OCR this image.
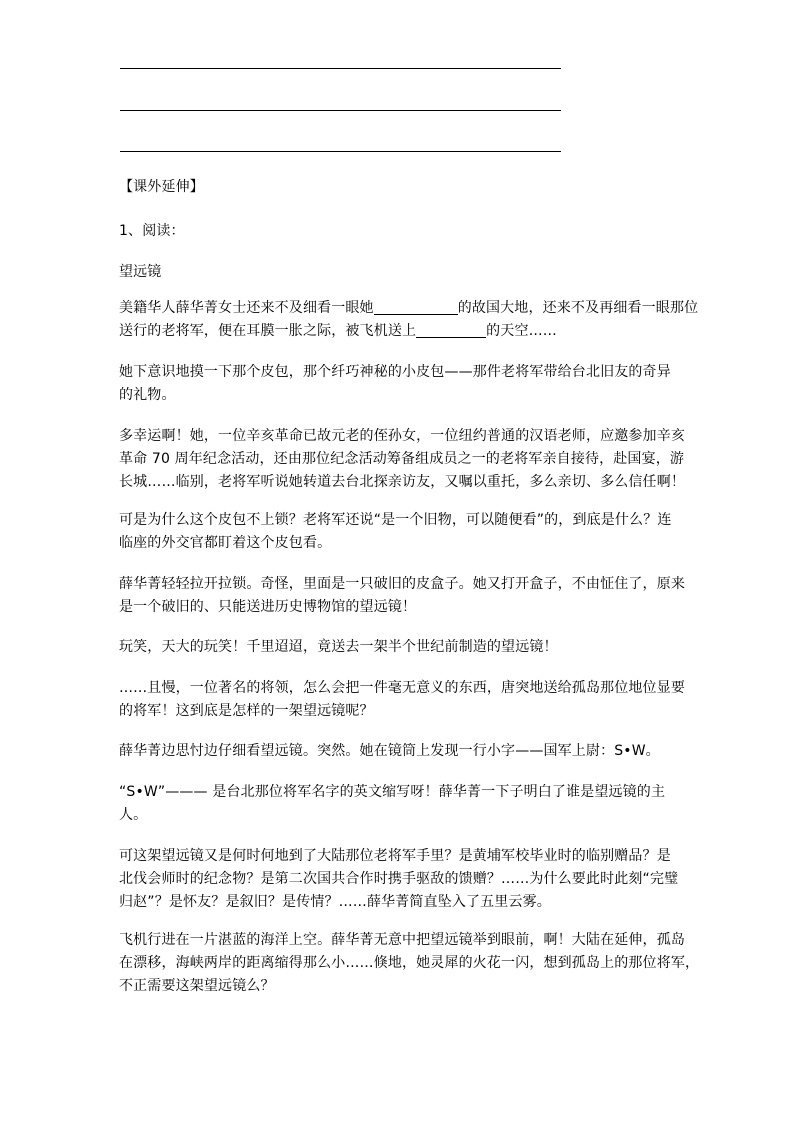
【课外延伸】
1、阅读：
望远镜
美籍华人薛华菁女士还来不及细看一眼她	的故国大地，还来不及再细看一眼那位
送行的老将军，便在耳膜一胀之际，被飞机送上	的天空……
她下意识地摸一下那个皮包，那个纤巧神秘的小皮包——那件老将军带给台北旧友的奇异
的礼物。
多幸运啊！她，一位辛亥革命已故元老的侄孙女，一位纽约普通的汉语老师，应邀参加辛亥
革命 70 周年纪念活动，还由那位纪念活动筹备组成员之一的老将军亲自接待，赴国宴，游
长城……临别，老将军听说她转道去台北探亲访友，又嘱以重托，多么亲切、多么信任啊！
可是为什么这个皮包不上锁？老将军还说“是一个旧物，可以随便看”的，到底是什么？连
临座的外交官都盯着这个皮包看。
薛华菁轻轻拉开拉锁。奇怪，里面是一只破旧的皮盒子。她又打开盒子，不由怔住了，原来
是一个破旧的、只能送进历史博物馆的望远镜！
玩笑，天大的玩笑！千里迢迢，竟送去一架半个世纪前制造的望远镜！
……且慢，一位著名的将领，怎么会把一件毫无意义的东西，唐突地送给孤岛那位地位显要
的将军！这到底是怎样的一架望远镜呢？
薛华菁边思忖边仔细看望远镜。突然。她在镜筒上发现一行小字——国军上尉：S•W。
“S•W”——— 是台北那位将军名字的英文缩写呀！薛华菁一下子明白了谁是望远镜的主
人。
可这架望远镜又是何时何地到了大陆那位老将军手里？是黄埔军校毕业时的临别赠品？是
北伐会师时的纪念物？是第二次国共合作时携手驱敌的馈赠？……为什么要此时此刻“完璧
归赵”？是怀友？是叙旧？是传情？……薛华菁简直坠入了五里云雾。
飞机行进在一片湛蓝的海洋上空。薛华菁无意中把望远镜举到眼前，啊！大陆在延伸，孤岛
在漂移，海峡两岸的距离缩得那么小……倏地，她灵犀的火花一闪，想到孤岛上的那位将军，
不正需要这架望远镜么？
